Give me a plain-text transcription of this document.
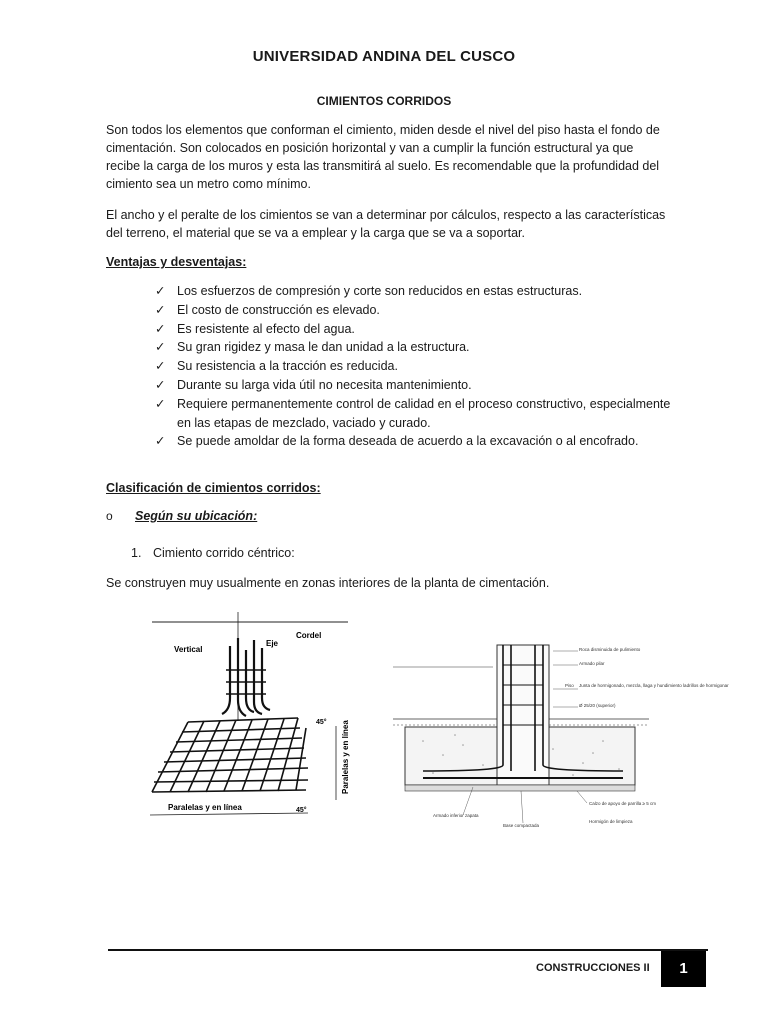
UNIVERSIDAD ANDINA DEL CUSCO
CIMIENTOS CORRIDOS

Son todos los elementos que conforman el cimiento, miden desde el nivel del piso hasta el fondo de cimentación. Son colocados en posición horizontal y van a cumplir la función estructural ya que recibe la carga de los muros y esta las transmitirá al suelo. Es recomendable que la profundidad del cimiento sea un metro como mínimo.

El ancho y el peralte de los cimientos se van a determinar por cálculos, respecto a las características del terreno, el material que se va a emplear y la carga que se va a soportar.

Ventajas y desventajas:
✓ Los esfuerzos de compresión y corte son reducidos en estas estructuras.
✓ El costo de construcción es elevado.
✓ Es resistente al efecto del agua.
✓ Su gran rigidez y masa le dan unidad a la estructura.
✓ Su resistencia a la tracción es reducida.
✓ Durante su larga vida útil no necesita mantenimiento.
✓ Requiere permanentemente control de calidad en el proceso constructivo, especialmente en las etapas de mezclado, vaciado y curado.
✓ Se puede amoldar de la forma deseada de acuerdo a la excavación o al encofrado.
Clasificación de cimientos corridos:
o Según su ubicación:
1. Cimiento corrido céntrico:
Se construyen muy usualmente en zonas interiores de la planta de cimentación.
Cordel
Vertical
Eje
45°
45°
Paralelas y en línea
Paralelas y en línea
Roca disminuida de pulimiento
Armado pilar
Piso Junta de hormigonado, mezcla, llaga y hundimiento ladrillos de hormigonar
Ø 25/20 (superior)
Armado inferior zapata
Base compactada
Calzo de apoyo de parrilla ≥ 5 cm
Hormigón de limpieza
CONSTRUCCIONES II	1
